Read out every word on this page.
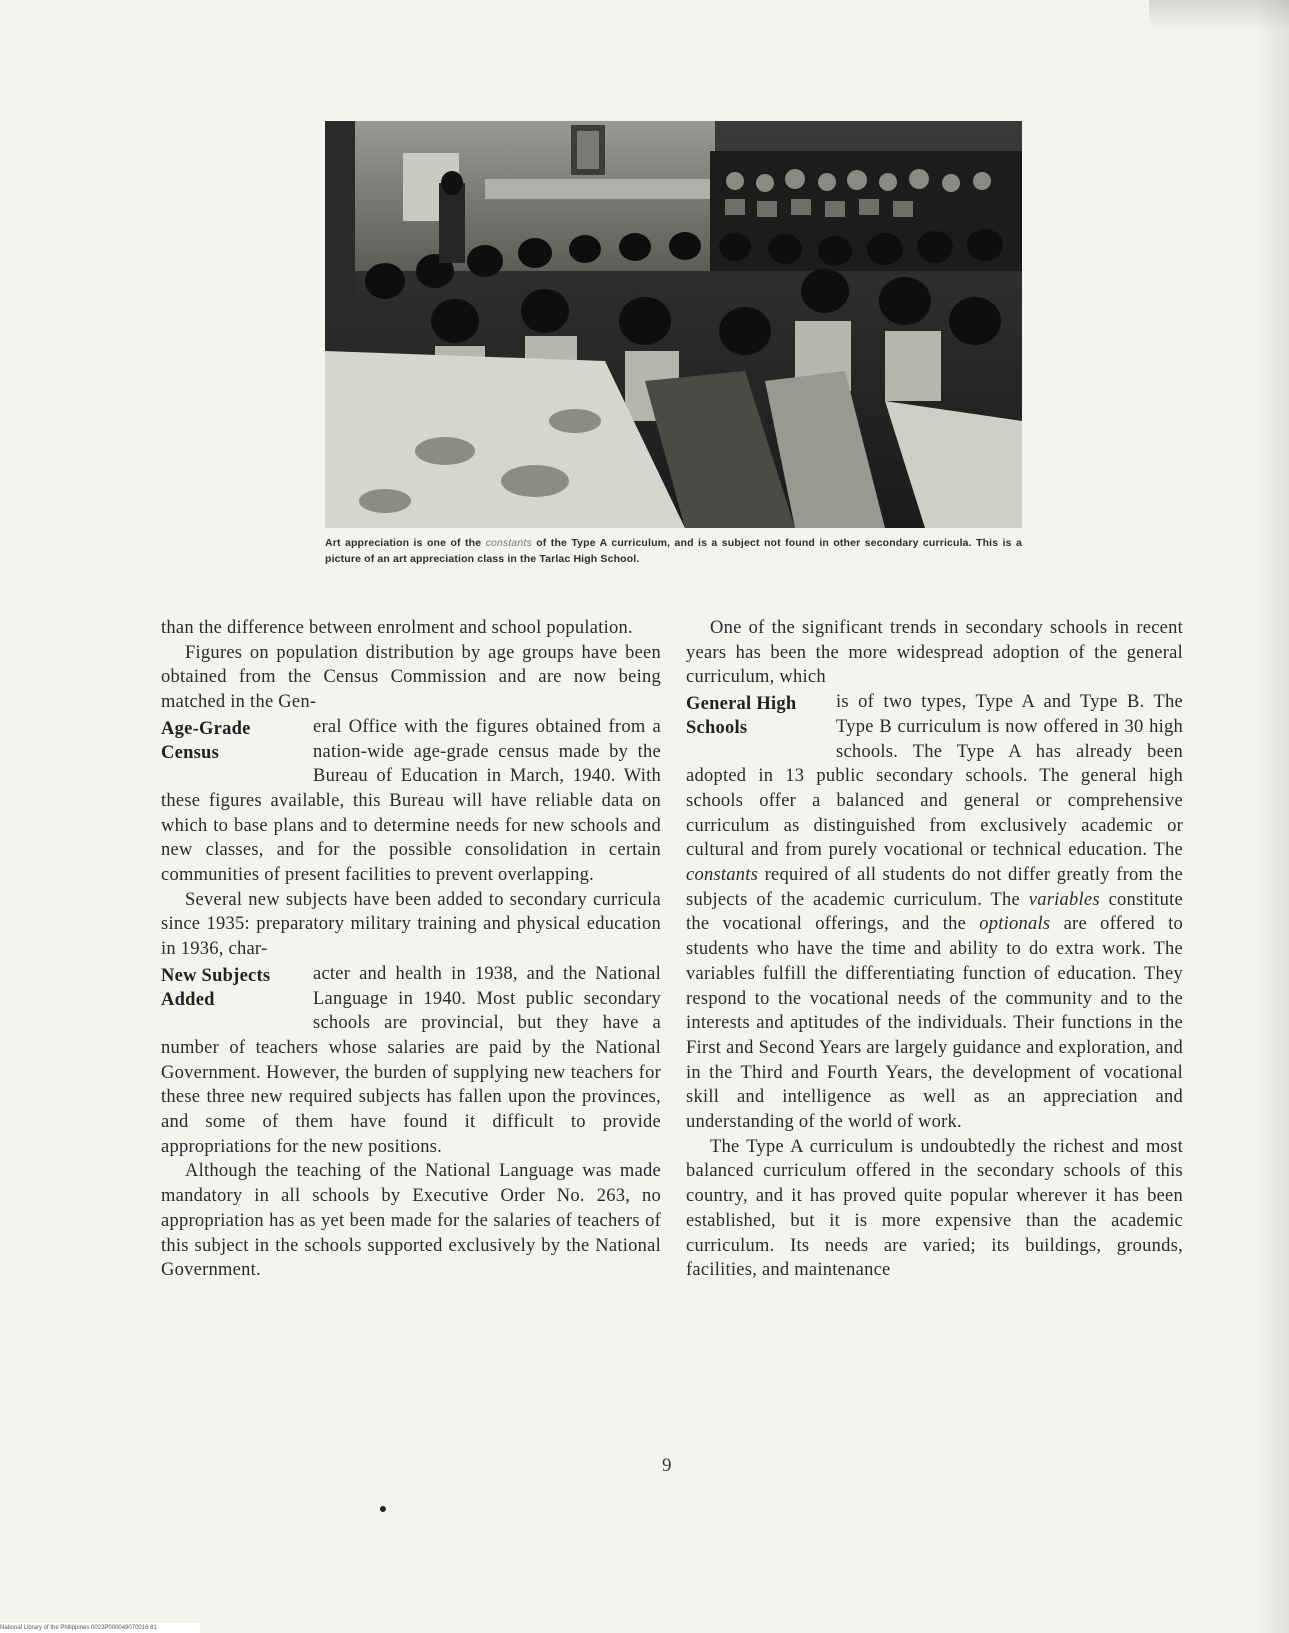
Art appreciation is one of the constants of the Type A curriculum, and is a subject not found in other secondary curricula. This is a picture of an art appreciation class in the Tarlac High School.

than the difference between enrolment and school population.

Figures on population distribution by age groups have been obtained from the Census Commission and are now being matched in the Gen-

Age-Grade Census

eral Office with the figures obtained from a nation-wide age-grade census made by the Bureau of Education in March, 1940. With these figures available, this Bureau will have reliable data on which to base plans and to determine needs for new schools and new classes, and for the possible consolidation in certain communities of present facilities to prevent overlapping.

Several new subjects have been added to secondary curricula since 1935: preparatory military training and physical education in 1936, char-

New Subjects Added

acter and health in 1938, and the National Language in 1940. Most public secondary schools are provincial, but they have a number of teachers whose salaries are paid by the National Government. However, the burden of supplying new teachers for these three new required subjects has fallen upon the provinces, and some of them have found it difficult to provide appropriations for the new positions.

Although the teaching of the National Language was made mandatory in all schools by Executive Order No. 263, no appropriation has as yet been made for the salaries of teachers of this subject in the schools supported exclusively by the National Government.

One of the significant trends in secondary schools in recent years has been the more widespread adoption of the general curriculum, which

General High Schools

is of two types, Type A and Type B. The Type B curriculum is now offered in 30 high schools. The Type A has already been adopted in 13 public secondary schools. The general high schools offer a balanced and general or comprehensive curriculum as distinguished from exclusively academic or cultural and from purely vocational or technical education. The constants required of all students do not differ greatly from the subjects of the academic curriculum. The variables constitute the vocational offerings, and the optionals are offered to students who have the time and ability to do extra work. The variables fulfill the differentiating function of education. They respond to the vocational needs of the community and to the interests and aptitudes of the individuals. Their functions in the First and Second Years are largely guidance and exploration, and in the Third and Fourth Years, the development of vocational skill and intelligence as well as an appreciation and understanding of the world of work.

The Type A curriculum is undoubtedly the richest and most balanced curriculum offered in the secondary schools of this country, and it has proved quite popular wherever it has been established, but it is more expensive than the academic curriculum. Its needs are varied; its buildings, grounds, facilities, and maintenance

9
National Library of the Philippines 0023P000049070016 81
